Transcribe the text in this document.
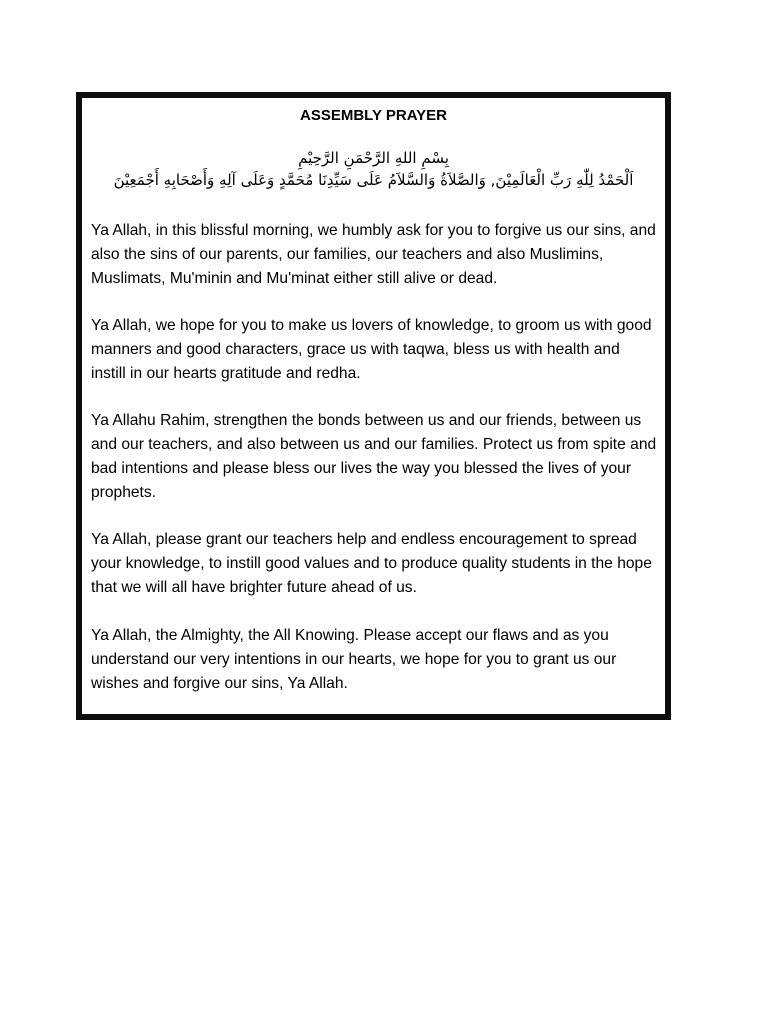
ASSEMBLY PRAYER
بِسْمِ اللهِ الرَّحْمَنِ الرَّحِيْمِ
اَلْحَمْدُ لِلّٰهِ رَبِّ الْعَالَمِيْنَ, وَالصَّلاَةُ وَالسَّلاَمُ عَلَى سَيِّدِنَا مُحَمَّدٍ وَعَلَى آلِهِ وَأَصْحَابِهِ أَجْمَعِيْنَ

Ya Allah, in this blissful morning, we humbly ask for you to forgive us our sins, and also the sins of our parents, our families, our teachers and also Muslimins, Muslimats, Mu'minin and Mu'minat either still alive or dead.

Ya Allah, we hope for you to make us lovers of knowledge, to groom us with good manners and good characters, grace us with taqwa, bless us with health and instill in our hearts gratitude and redha.

Ya Allahu Rahim, strengthen the bonds between us and our friends, between us and our teachers, and also between us and our families. Protect us from spite and bad intentions and please bless our lives the way you blessed the lives of your prophets.

Ya Allah, please grant our teachers help and endless encouragement to spread your knowledge, to instill good values and to produce quality students in the hope that we will all have brighter future ahead of us.

Ya Allah, the Almighty, the All Knowing. Please accept our flaws and as you understand our very intentions in our hearts, we hope for you to grant us our wishes and forgive our sins, Ya Allah.
